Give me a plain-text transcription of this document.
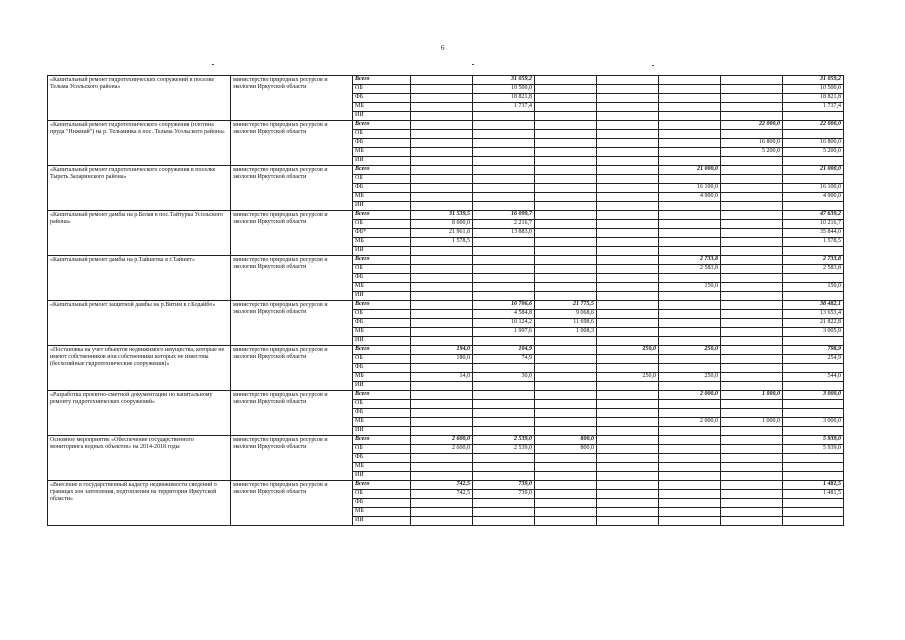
6
«Капитальный ремонт гидротехнических сооружений в поселке Тельма Усольского района»	министерство природных ресурсов и экологии Иркутской области	Всего		31 059,2					31 059,2
		ОБ		10 500,0					10 500,0
		ФБ		18 821,8					18 821,8
		МБ		1 737,4					1 737,4
		ИИ							
«Капитальный ремонт гидротехнического сооружения (плотина пруда "Нижний") на р. Тельминка в пос. Тельма Усольского района»	министерство природных ресурсов и экологии Иркутской области	Всего						22 000,0	22 000,0
		ОБ							
		ФБ						16 800,0	16 800,0
		МБ						5 200,0	5 200,0
		ИИ							
«Капитальный ремонт гидротехнического сооружения в поселке Тыреть Заларинского района»	министерство природных ресурсов и экологии Иркутской области	Всего					21 000,0		21 000,0
		ОБ							
		ФБ					16 100,0		16 100,0
		МБ					4 900,0		4 900,0
		ИИ							
«Капитальный ремонт дамбы на р.Белая в пос.Тайтурка Усольского района»	министерство природных ресурсов и экологии Иркутской области	Всего	31 539,5	16 099,7					47 639,2
		ОБ	8 000,0	2 216,7					10 216,7
		ФБ*	21 961,0	13 883,0					35 844,0
		МБ	1 578,5						1 578,5
		ИИ							
«Капитальный ремонт дамбы на р.Тайшетка в г.Тайшет»	министерство природных ресурсов и экологии Иркутской области	Всего					2 733,8		2 733,8
		ОБ					2 583,8		2 583,8
		ФБ							
		МБ					150,0		150,0
		ИИ							
«Капитальный ремонт защитной дамбы на р.Витим в г.Бодайбо»	министерство природных ресурсов и экологии Иркутской области	Всего		16 706,6	21 775,5				38 482,1
		ОБ		4 584,8	9 068,6				13 653,4
		ФБ		10 124,2	11 698,6				21 822,8
		МБ		1 997,6	1 008,3				3 005,9
		ИИ							
«Постановка на учет объектов недвижимого имущества, которые не имеют собственников или собственники которых не известны (бесхозяйные гидротехнические сооружения)»	министерство природных ресурсов и экологии Иркутской области	Всего	194,0	104,9		250,0	250,0		798,9
		ОБ	180,0	74,9					254,9
		ФБ							
		МБ	14,0	30,0		250,0	250,0		544,0
		ИИ							
«Разработка проектно-сметной документации по капитальному ремонту гидротехнических сооружений»	министерство природных ресурсов и экологии Иркутской области	Всего					2 000,0	1 000,0	3 000,0
		ОБ							
		ФБ							
		МБ					2 000,0	1 000,0	3 000,0
		ИИ							
Основное мероприятие «Обеспечение государственного мониторинга водных объектов» на 2014-2018 годы	министерство природных ресурсов и экологии Иркутской области	Всего	2 600,0	2 539,0	800,0				5 939,0
		ОБ	2 600,0	2 539,0	800,0				5 939,0
		ФБ							
		МБ							
		ИИ							
«Внесение в государственный кадастр недвижимости сведений о границах зон затопления, подтопления на территории Иркутской области»	министерство природных ресурсов и экологии Иркутской области	Всего	742,5	739,0					1 481,5
		ОБ	742,5	739,0					1 481,5
		ФБ							
		МБ							
		ИИ							
